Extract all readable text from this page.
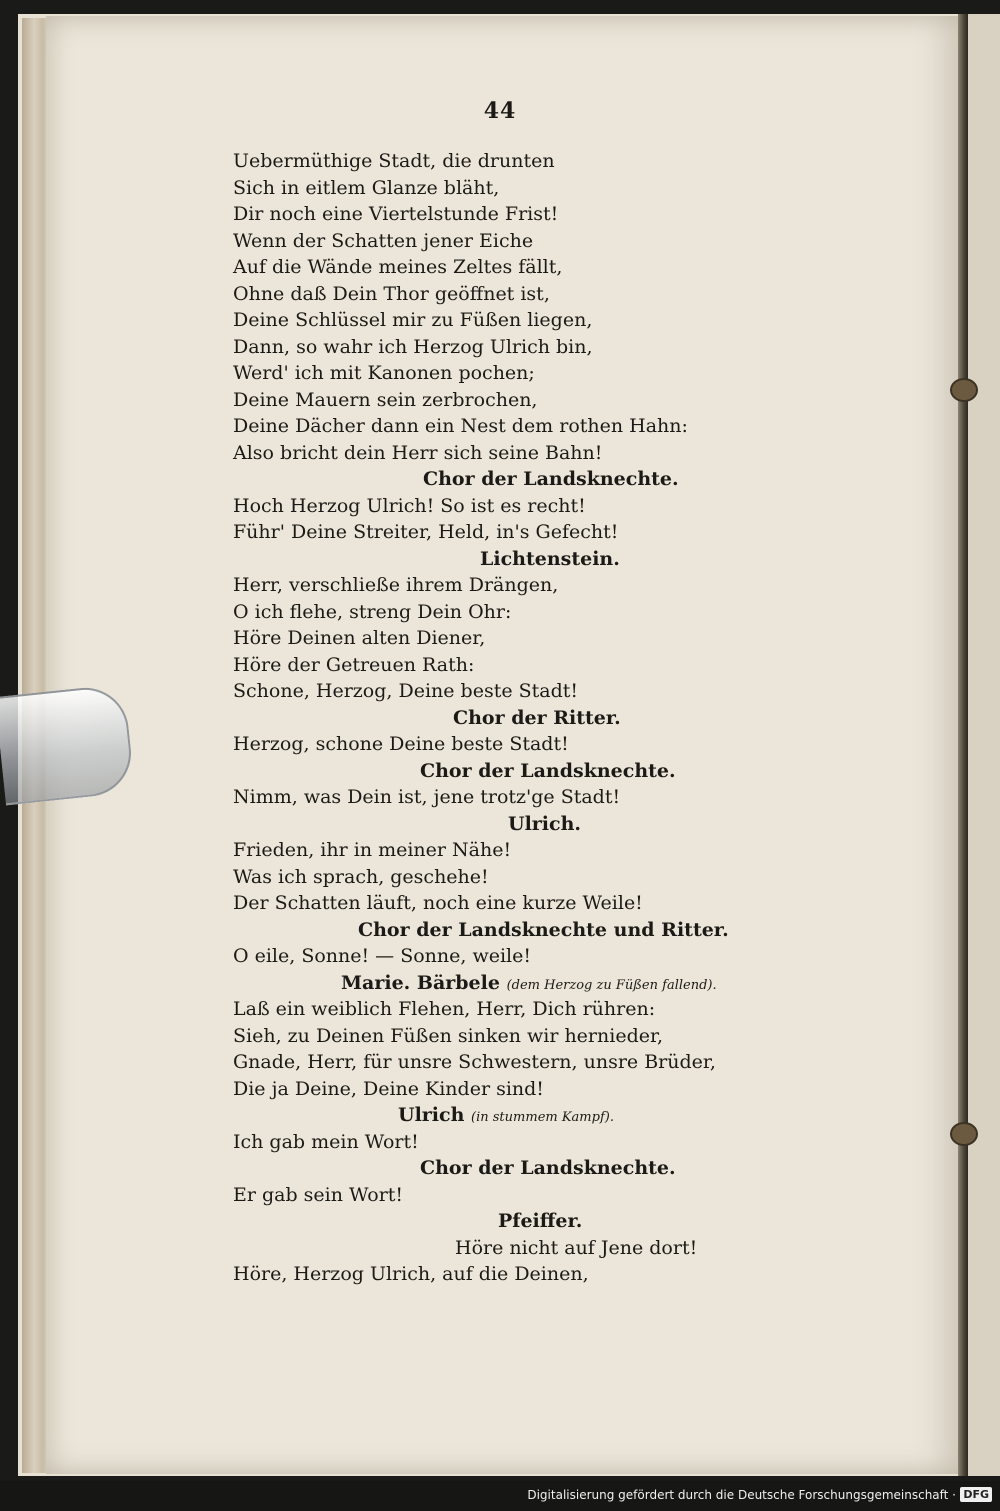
44
Uebermüthige Stadt, die drunten
Sich in eitlem Glanze bläht,
Dir noch eine Viertelstunde Frist!
Wenn der Schatten jener Eiche
Auf die Wände meines Zeltes fällt,
Ohne daß Dein Thor geöffnet ist,
Deine Schlüssel mir zu Füßen liegen,
Dann, so wahr ich Herzog Ulrich bin,
Werd' ich mit Kanonen pochen;
Deine Mauern sein zerbrochen,
Deine Dächer dann ein Nest dem rothen Hahn:
Also bricht dein Herr sich seine Bahn!
Chor der Landsknechte.
Hoch Herzog Ulrich! So ist es recht!
Führ' Deine Streiter, Held, in's Gefecht!
Lichtenstein.
Herr, verschließe ihrem Drängen,
O ich flehe, streng Dein Ohr:
Höre Deinen alten Diener,
Höre der Getreuen Rath:
Schone, Herzog, Deine beste Stadt!
Chor der Ritter.
Herzog, schone Deine beste Stadt!
Chor der Landsknechte.
Nimm, was Dein ist, jene trotz'ge Stadt!
Ulrich.
Frieden, ihr in meiner Nähe!
Was ich sprach, geschehe!
Der Schatten läuft, noch eine kurze Weile!
Chor der Landsknechte und Ritter.
O eile, Sonne! — Sonne, weile!
Marie. Bärbele (dem Herzog zu Füßen fallend).
Laß ein weiblich Flehen, Herr, Dich rühren:
Sieh, zu Deinen Füßen sinken wir hernieder,
Gnade, Herr, für unsre Schwestern, unsre Brüder,
Die ja Deine, Deine Kinder sind!
Ulrich (in stummem Kampf).
Ich gab mein Wort!
Chor der Landsknechte.
Er gab sein Wort!
Pfeiffer.
Höre nicht auf Jene dort!
Höre, Herzog Ulrich, auf die Deinen,
Digitalisierung gefördert durch die Deutsche Forschungsgemeinschaft · DFG
